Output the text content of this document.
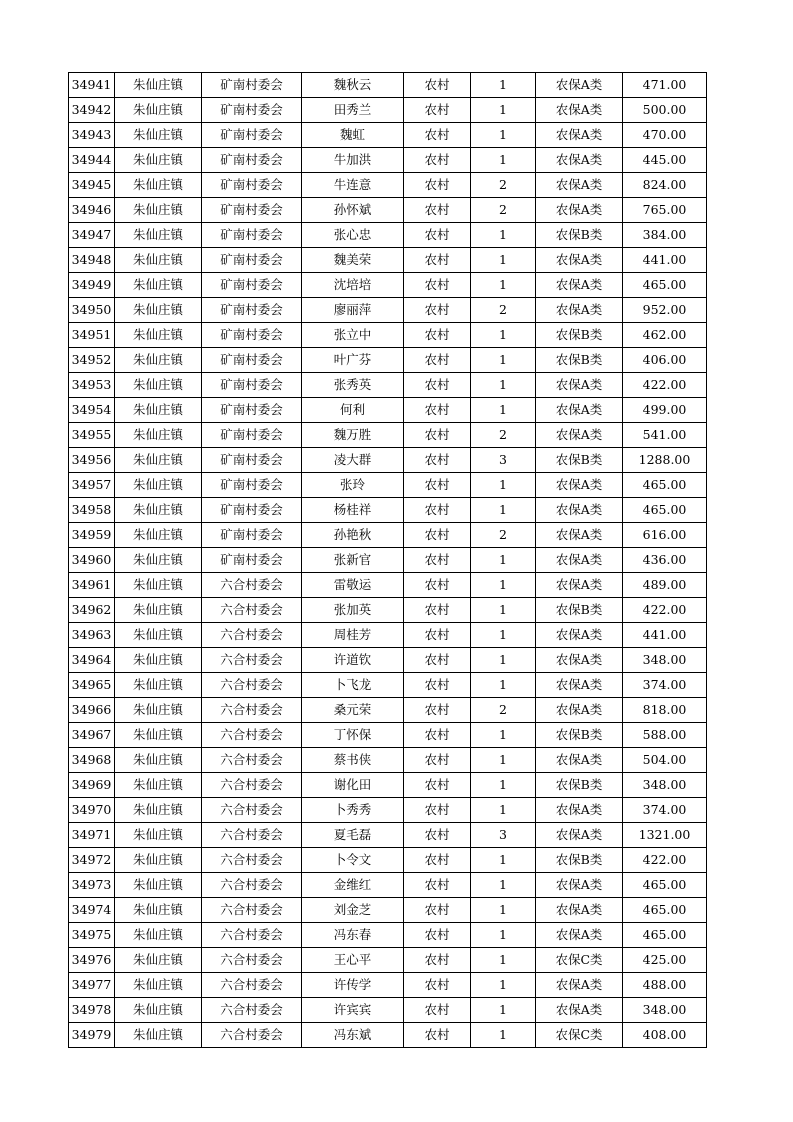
34941	朱仙庄镇	矿南村委会	魏秋云	农村	1	农保A类	471.00
34942	朱仙庄镇	矿南村委会	田秀兰	农村	1	农保A类	500.00
34943	朱仙庄镇	矿南村委会	魏虹	农村	1	农保A类	470.00
34944	朱仙庄镇	矿南村委会	牛加洪	农村	1	农保A类	445.00
34945	朱仙庄镇	矿南村委会	牛连意	农村	2	农保A类	824.00
34946	朱仙庄镇	矿南村委会	孙怀斌	农村	2	农保A类	765.00
34947	朱仙庄镇	矿南村委会	张心忠	农村	1	农保B类	384.00
34948	朱仙庄镇	矿南村委会	魏美荣	农村	1	农保A类	441.00
34949	朱仙庄镇	矿南村委会	沈培培	农村	1	农保A类	465.00
34950	朱仙庄镇	矿南村委会	廖丽萍	农村	2	农保A类	952.00
34951	朱仙庄镇	矿南村委会	张立中	农村	1	农保B类	462.00
34952	朱仙庄镇	矿南村委会	叶广芬	农村	1	农保B类	406.00
34953	朱仙庄镇	矿南村委会	张秀英	农村	1	农保A类	422.00
34954	朱仙庄镇	矿南村委会	何利	农村	1	农保A类	499.00
34955	朱仙庄镇	矿南村委会	魏万胜	农村	2	农保A类	541.00
34956	朱仙庄镇	矿南村委会	凌大群	农村	3	农保B类	1288.00
34957	朱仙庄镇	矿南村委会	张玲	农村	1	农保A类	465.00
34958	朱仙庄镇	矿南村委会	杨桂祥	农村	1	农保A类	465.00
34959	朱仙庄镇	矿南村委会	孙艳秋	农村	2	农保A类	616.00
34960	朱仙庄镇	矿南村委会	张新官	农村	1	农保A类	436.00
34961	朱仙庄镇	六合村委会	雷敬运	农村	1	农保A类	489.00
34962	朱仙庄镇	六合村委会	张加英	农村	1	农保B类	422.00
34963	朱仙庄镇	六合村委会	周桂芳	农村	1	农保A类	441.00
34964	朱仙庄镇	六合村委会	许道钦	农村	1	农保A类	348.00
34965	朱仙庄镇	六合村委会	卜飞龙	农村	1	农保A类	374.00
34966	朱仙庄镇	六合村委会	桑元荣	农村	2	农保A类	818.00
34967	朱仙庄镇	六合村委会	丁怀保	农村	1	农保B类	588.00
34968	朱仙庄镇	六合村委会	蔡书侠	农村	1	农保A类	504.00
34969	朱仙庄镇	六合村委会	谢化田	农村	1	农保B类	348.00
34970	朱仙庄镇	六合村委会	卜秀秀	农村	1	农保A类	374.00
34971	朱仙庄镇	六合村委会	夏毛磊	农村	3	农保A类	1321.00
34972	朱仙庄镇	六合村委会	卜令文	农村	1	农保B类	422.00
34973	朱仙庄镇	六合村委会	金维红	农村	1	农保A类	465.00
34974	朱仙庄镇	六合村委会	刘金芝	农村	1	农保A类	465.00
34975	朱仙庄镇	六合村委会	冯东春	农村	1	农保A类	465.00
34976	朱仙庄镇	六合村委会	王心平	农村	1	农保C类	425.00
34977	朱仙庄镇	六合村委会	许传学	农村	1	农保A类	488.00
34978	朱仙庄镇	六合村委会	许宾宾	农村	1	农保A类	348.00
34979	朱仙庄镇	六合村委会	冯东斌	农村	1	农保C类	408.00
